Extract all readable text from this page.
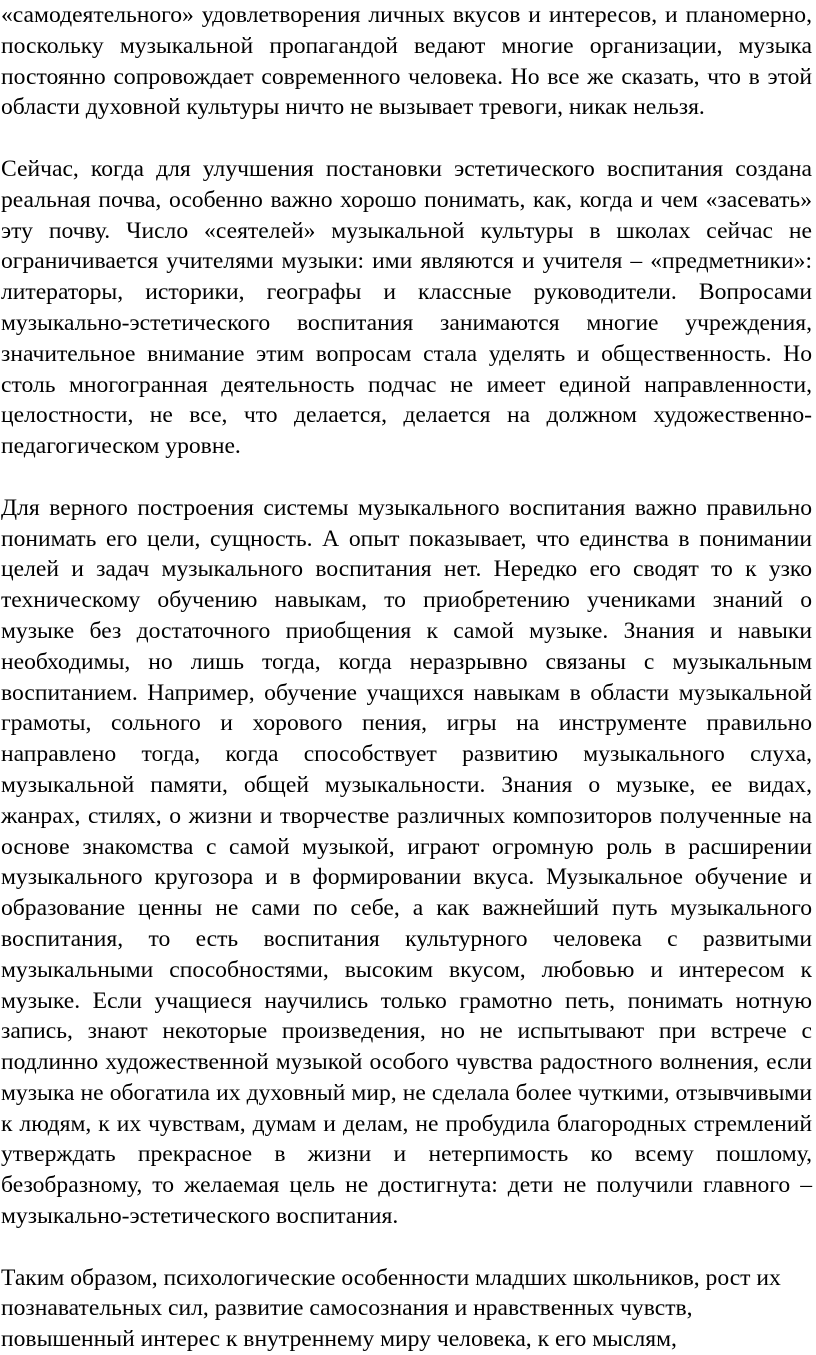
«самодеятельного» удовлетворения личных вкусов и интересов, и планомерно, поскольку музыкальной пропагандой ведают многие организации, музыка постоянно сопровождает современного человека. Но все же сказать, что в этой области духовной культуры ничто не вызывает тревоги, никак нельзя.

Сейчас, когда для улучшения постановки эстетического воспитания создана реальная почва, особенно важно хорошо понимать, как, когда и чем «засевать» эту почву. Число «сеятелей» музыкальной культуры в школах сейчас не ограничивается учителями музыки: ими являются и учителя – «предметники»: литераторы, историки, географы и классные руководители. Вопросами музыкально-эстетического воспитания занимаются многие учреждения, значительное внимание этим вопросам стала уделять и общественность. Но столь многогранная деятельность подчас не имеет единой направленности, целостности, не все, что делается, делается на должном художественно-педагогическом уровне.

Для верного построения системы музыкального воспитания важно правильно понимать его цели, сущность. А опыт показывает, что единства в понимании целей и задач музыкального воспитания нет. Нередко его сводят то к узко техническому обучению навыкам, то приобретению учениками знаний о музыке без достаточного приобщения к самой музыке. Знания и навыки необходимы, но лишь тогда, когда неразрывно связаны с музыкальным воспитанием. Например, обучение учащихся навыкам в области музыкальной грамоты, сольного и хорового пения, игры на инструменте правильно направлено тогда, когда способствует развитию музыкального слуха, музыкальной памяти, общей музыкальности. Знания о музыке, ее видах, жанрах, стилях, о жизни и творчестве различных композиторов полученные на основе знакомства с самой музыкой, играют огромную роль в расширении музыкального кругозора и в формировании вкуса. Музыкальное обучение и образование ценны не сами по себе, а как важнейший путь музыкального воспитания, то есть воспитания культурного человека с развитыми музыкальными способностями, высоким вкусом, любовью и интересом к музыке. Если учащиеся научились только грамотно петь, понимать нотную запись, знают некоторые произведения, но не испытывают при встрече с подлинно художественной музыкой особого чувства радостного волнения, если музыка не обогатила их духовный мир, не сделала более чуткими, отзывчивыми к людям, к их чувствам, думам и делам, не пробудила благородных стремлений утверждать прекрасное в жизни и нетерпимость ко всему пошлому, безобразному, то желаемая цель не достигнута: дети не получили главного – музыкально-эстетического воспитания.

Таким образом, психологические особенности младших школьников, рост их познавательных сил, развитие самосознания и нравственных чувств, повышенный интерес к внутреннему миру человека, к его мыслям,
